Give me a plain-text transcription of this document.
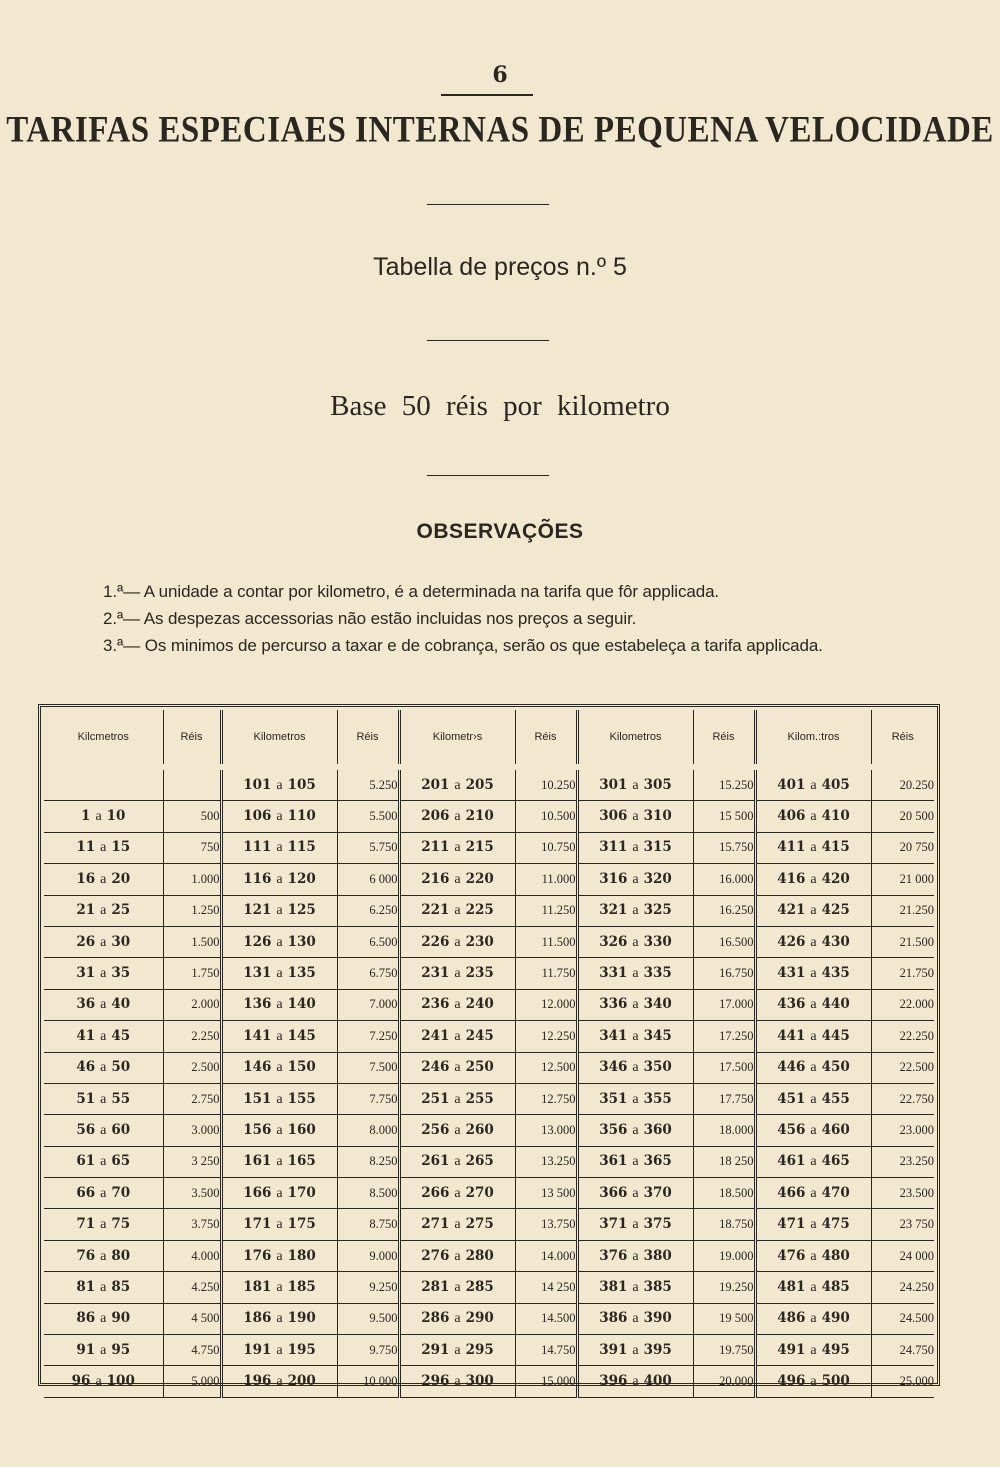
6
TARIFAS ESPECIAES INTERNAS DE PEQUENA VELOCIDADE
Tabella de preços n.º 5
Base 50 réis por kilometro
OBSERVAÇÕES
1.ª— A unidade a contar por kilometro, é a determinada na tarifa que fôr applicada.
2.ª— As despezas accessorias não estão incluidas nos preços a seguir.
3.ª— Os minimos de percurso a taxar e de cobrança, serão os que estabeleça a tarifa applicada.
Kilcmetros	Réis	Kilometros	Réis	Kilometr›s	Réis	Kilometros	Réis	Kilom.:tros	Réis
		101 a 105	5.250	201 a 205	10.250	301 a 305	15.250	401 a 405	20.250
1 a 10	500	106 a 110	5.500	206 a 210	10.500	306 a 310	15 500	406 a 410	20 500
11 a 15	750	111 a 115	5.750	211 a 215	10.750	311 a 315	15.750	411 a 415	20 750
16 a 20	1.000	116 a 120	6 000	216 a 220	11.000	316 a 320	16.000	416 a 420	21 000
21 a 25	1.250	121 a 125	6.250	221 a 225	11.250	321 a 325	16.250	421 a 425	21.250
26 a 30	1.500	126 a 130	6.500	226 a 230	11.500	326 a 330	16.500	426 a 430	21.500
31 a 35	1.750	131 a 135	6.750	231 a 235	11.750	331 a 335	16.750	431 a 435	21.750
36 a 40	2.000	136 a 140	7.000	236 a 240	12.000	336 a 340	17.000	436 a 440	22.000
41 a 45	2.250	141 a 145	7.250	241 a 245	12.250	341 a 345	17.250	441 a 445	22.250
46 a 50	2.500	146 a 150	7.500	246 a 250	12.500	346 a 350	17.500	446 a 450	22.500
51 a 55	2.750	151 a 155	7.750	251 a 255	12.750	351 a 355	17.750	451 a 455	22.750
56 a 60	3.000	156 a 160	8.000	256 a 260	13.000	356 a 360	18.000	456 a 460	23.000
61 a 65	3 250	161 a 165	8.250	261 a 265	13.250	361 a 365	18 250	461 a 465	23.250
66 a 70	3.500	166 a 170	8.500	266 a 270	13 500	366 a 370	18.500	466 a 470	23.500
71 a 75	3.750	171 a 175	8.750	271 a 275	13.750	371 a 375	18.750	471 a 475	23 750
76 a 80	4.000	176 a 180	9.000	276 a 280	14.000	376 a 380	19.000	476 a 480	24 000
81 a 85	4.250	181 a 185	9.250	281 a 285	14 250	381 a 385	19.250	481 a 485	24.250
86 a 90	4 500	186 a 190	9.500	286 a 290	14.500	386 a 390	19 500	486 a 490	24.500
91 a 95	4.750	191 a 195	9.750	291 a 295	14.750	391 a 395	19.750	491 a 495	24.750
96 a 100	5.000	196 a 200	10 000	296 a 300	15.000	396 a 400	20.000	496 a 500	25.000
